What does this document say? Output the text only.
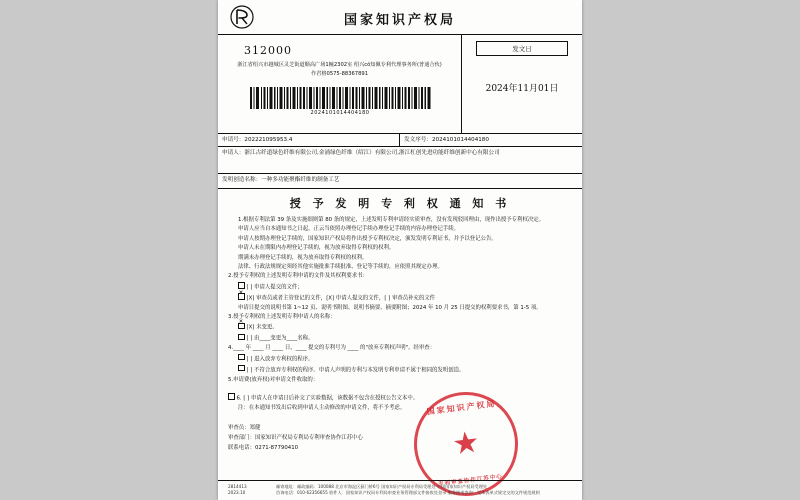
国家知识产权局
312000
浙江省绍兴市越城区灵芝街道顺高广场1幢2302室 绍兴сǒ知佩专利代理事务所(普通合伙)
作君格0575-88367891
2024101014404180
发文日
2024年11月01日
申请号：202221095953.4	发文序号：2024101014404180
申请人：浙江古纤道绿色纤维有限公司,金涌绿色纤维（绍江）有限公司,浙江杠创先进功能纤维创新中心有限公司
发明创造名称：一种多功能聚酯纤维的制备工艺
授 予 发 明 专 利 权 通 知 书

1.根据专利法第 39 条及实施细则第 80 条的规定，上述发明专利申请经实质审查，没有发现驳回理由，现作出授予专利权决定。

申请人应当自本通知书之日起，正云当依照办理登记手续办理登记手续的内容办理登记手续。

申请人按期办理登记手续的，国家知识产权局将作出授予专利权决定，颁发发明专利证书，并予以登记公告。

申请人未在期限内办理登记手续的，视为放弃取得专利权的权利。

期满未办理登记手续的，视为放弃取得专利权的权利。

法律、行政法规规定须经其他实施批准手续批准、登记等手续的，应依照其规定办理。

2.授予专利权的上述发明专利申请的文件及其权利要求书：

[ ] 申请人提交的文件；

✕[X] 审查员或者主管登记的文件，[X] 申请人提交的文件，[ ] 审查员补充的文件

申请日提交的说明书第 1~12 页、说明书附图、说明书摘要、摘要附图；2024 年 10 月 25 日提交的权利要求书，第 1-5 项。

3.授予专利权的上述发明专利申请人的名称：

✕[X] 未变更。

[ ] 由____变更为____名称。

4.____ 年 ____ 月 ____ 日，____ 提交的专利号为 ____ 的"放弃专利权声明"，经审查：

[ ] 进入放弃专利权的程序。

[ ] 不符合放弃专利权的程序。申请人声明的专利与本发明专利申请不属于相同的发明创造。

5.申请费(放弃权)对申请文件收取的：

6. [ ] 申请人在申请日后补交了实验数据，该数据不包含在授权公告文本中。

注：在本通知书发出后收到申请人主动修改的申请文件，将不予考虑。

审查员：郑健
审查部门：国家知识产权局专利局专利审查协作江苏中心
联系电话：0271-87790410
国家知识产权局
★
专利审查协作江苏中心
2814413
2023.10
邮寄地址：邮政编码：100088 北京市海淀区蓟门桥6号 国家知识产权局专利局受理处 中国国家知识产权局受理处
咨询电话：010-62356655 收件人：国家知识产权局专利局审查业务管理部文件接收处登录 服务指南查询：见本表单式规定交的文件规范规则
